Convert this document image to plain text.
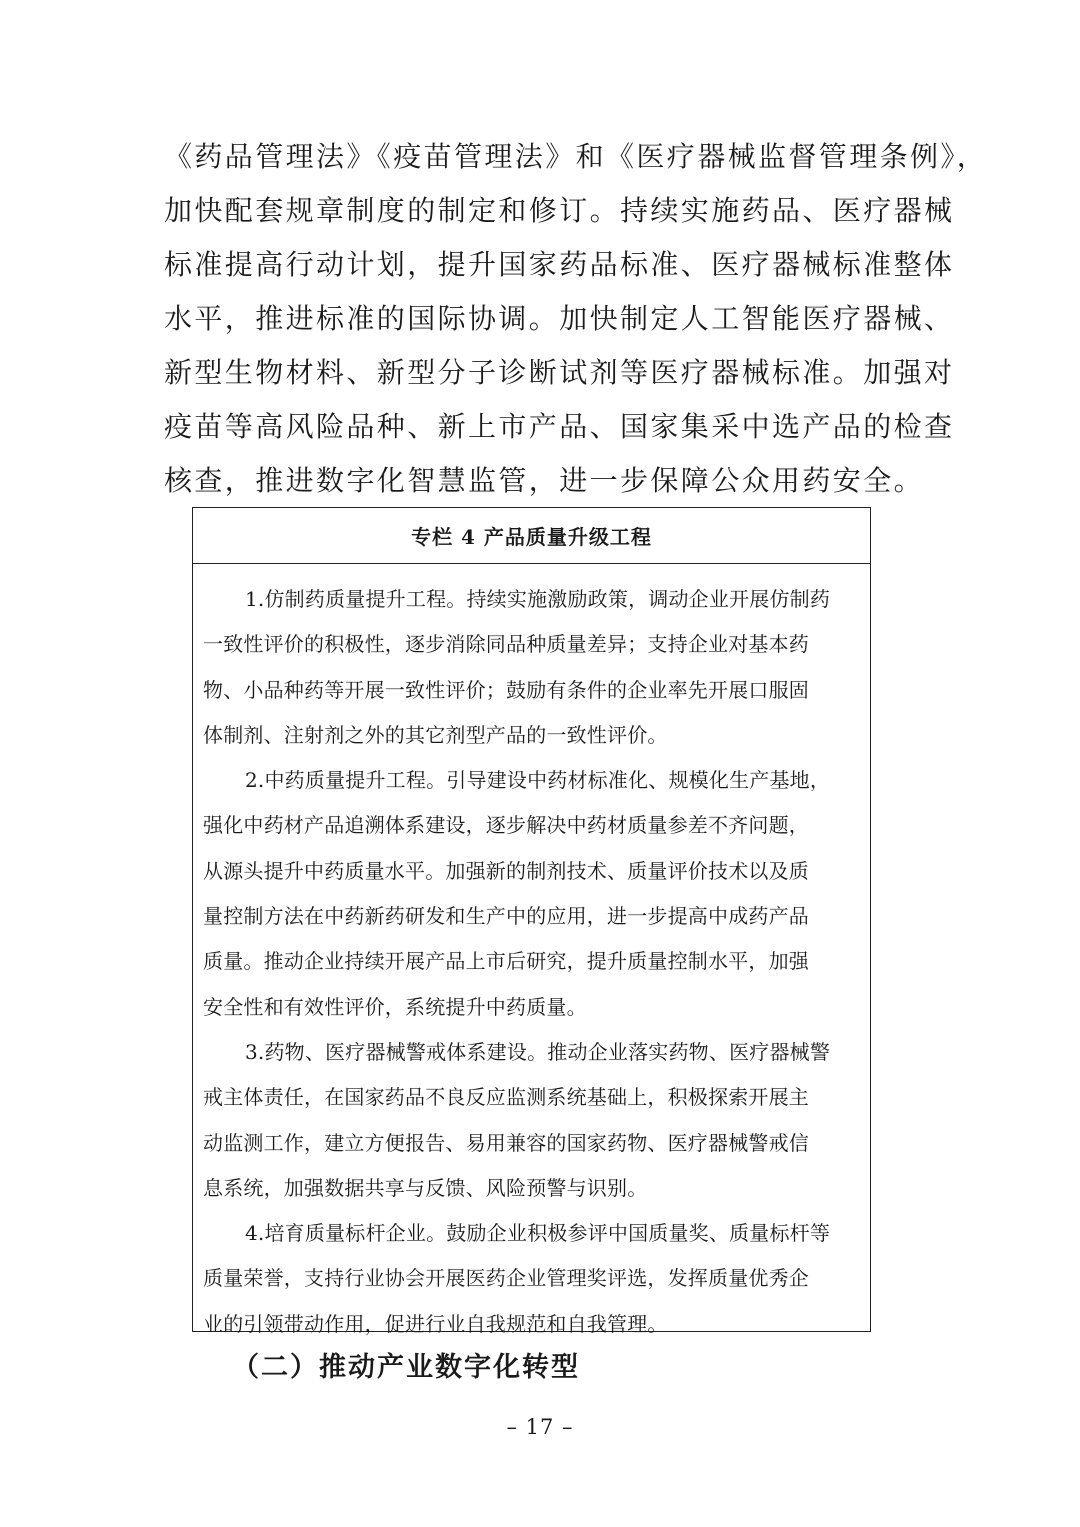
《药品管理法》《疫苗管理法》和《医疗器械监督管理条例》，
加快配套规章制度的制定和修订。持续实施药品、医疗器械
标准提高行动计划，提升国家药品标准、医疗器械标准整体
水平，推进标准的国际协调。加快制定人工智能医疗器械、
新型生物材料、新型分子诊断试剂等医疗器械标准。加强对
疫苗等高风险品种、新上市产品、国家集采中选产品的检查
核查，推进数字化智慧监管，进一步保障公众用药安全。
专栏 4 产品质量升级工程
1.仿制药质量提升工程。持续实施激励政策，调动企业开展仿制药
一致性评价的积极性，逐步消除同品种质量差异；支持企业对基本药
物、小品种药等开展一致性评价；鼓励有条件的企业率先开展口服固
体制剂、注射剂之外的其它剂型产品的一致性评价。
2.中药质量提升工程。引导建设中药材标准化、规模化生产基地，
强化中药材产品追溯体系建设，逐步解决中药材质量参差不齐问题，
从源头提升中药质量水平。加强新的制剂技术、质量评价技术以及质
量控制方法在中药新药研发和生产中的应用，进一步提高中成药产品
质量。推动企业持续开展产品上市后研究，提升质量控制水平，加强
安全性和有效性评价，系统提升中药质量。
3.药物、医疗器械警戒体系建设。推动企业落实药物、医疗器械警
戒主体责任，在国家药品不良反应监测系统基础上，积极探索开展主
动监测工作，建立方便报告、易用兼容的国家药物、医疗器械警戒信
息系统，加强数据共享与反馈、风险预警与识别。
4.培育质量标杆企业。鼓励企业积极参评中国质量奖、质量标杆等
质量荣誉，支持行业协会开展医药企业管理奖评选，发挥质量优秀企
业的引领带动作用，促进行业自我规范和自我管理。
（二）推动产业数字化转型
– 17 –
